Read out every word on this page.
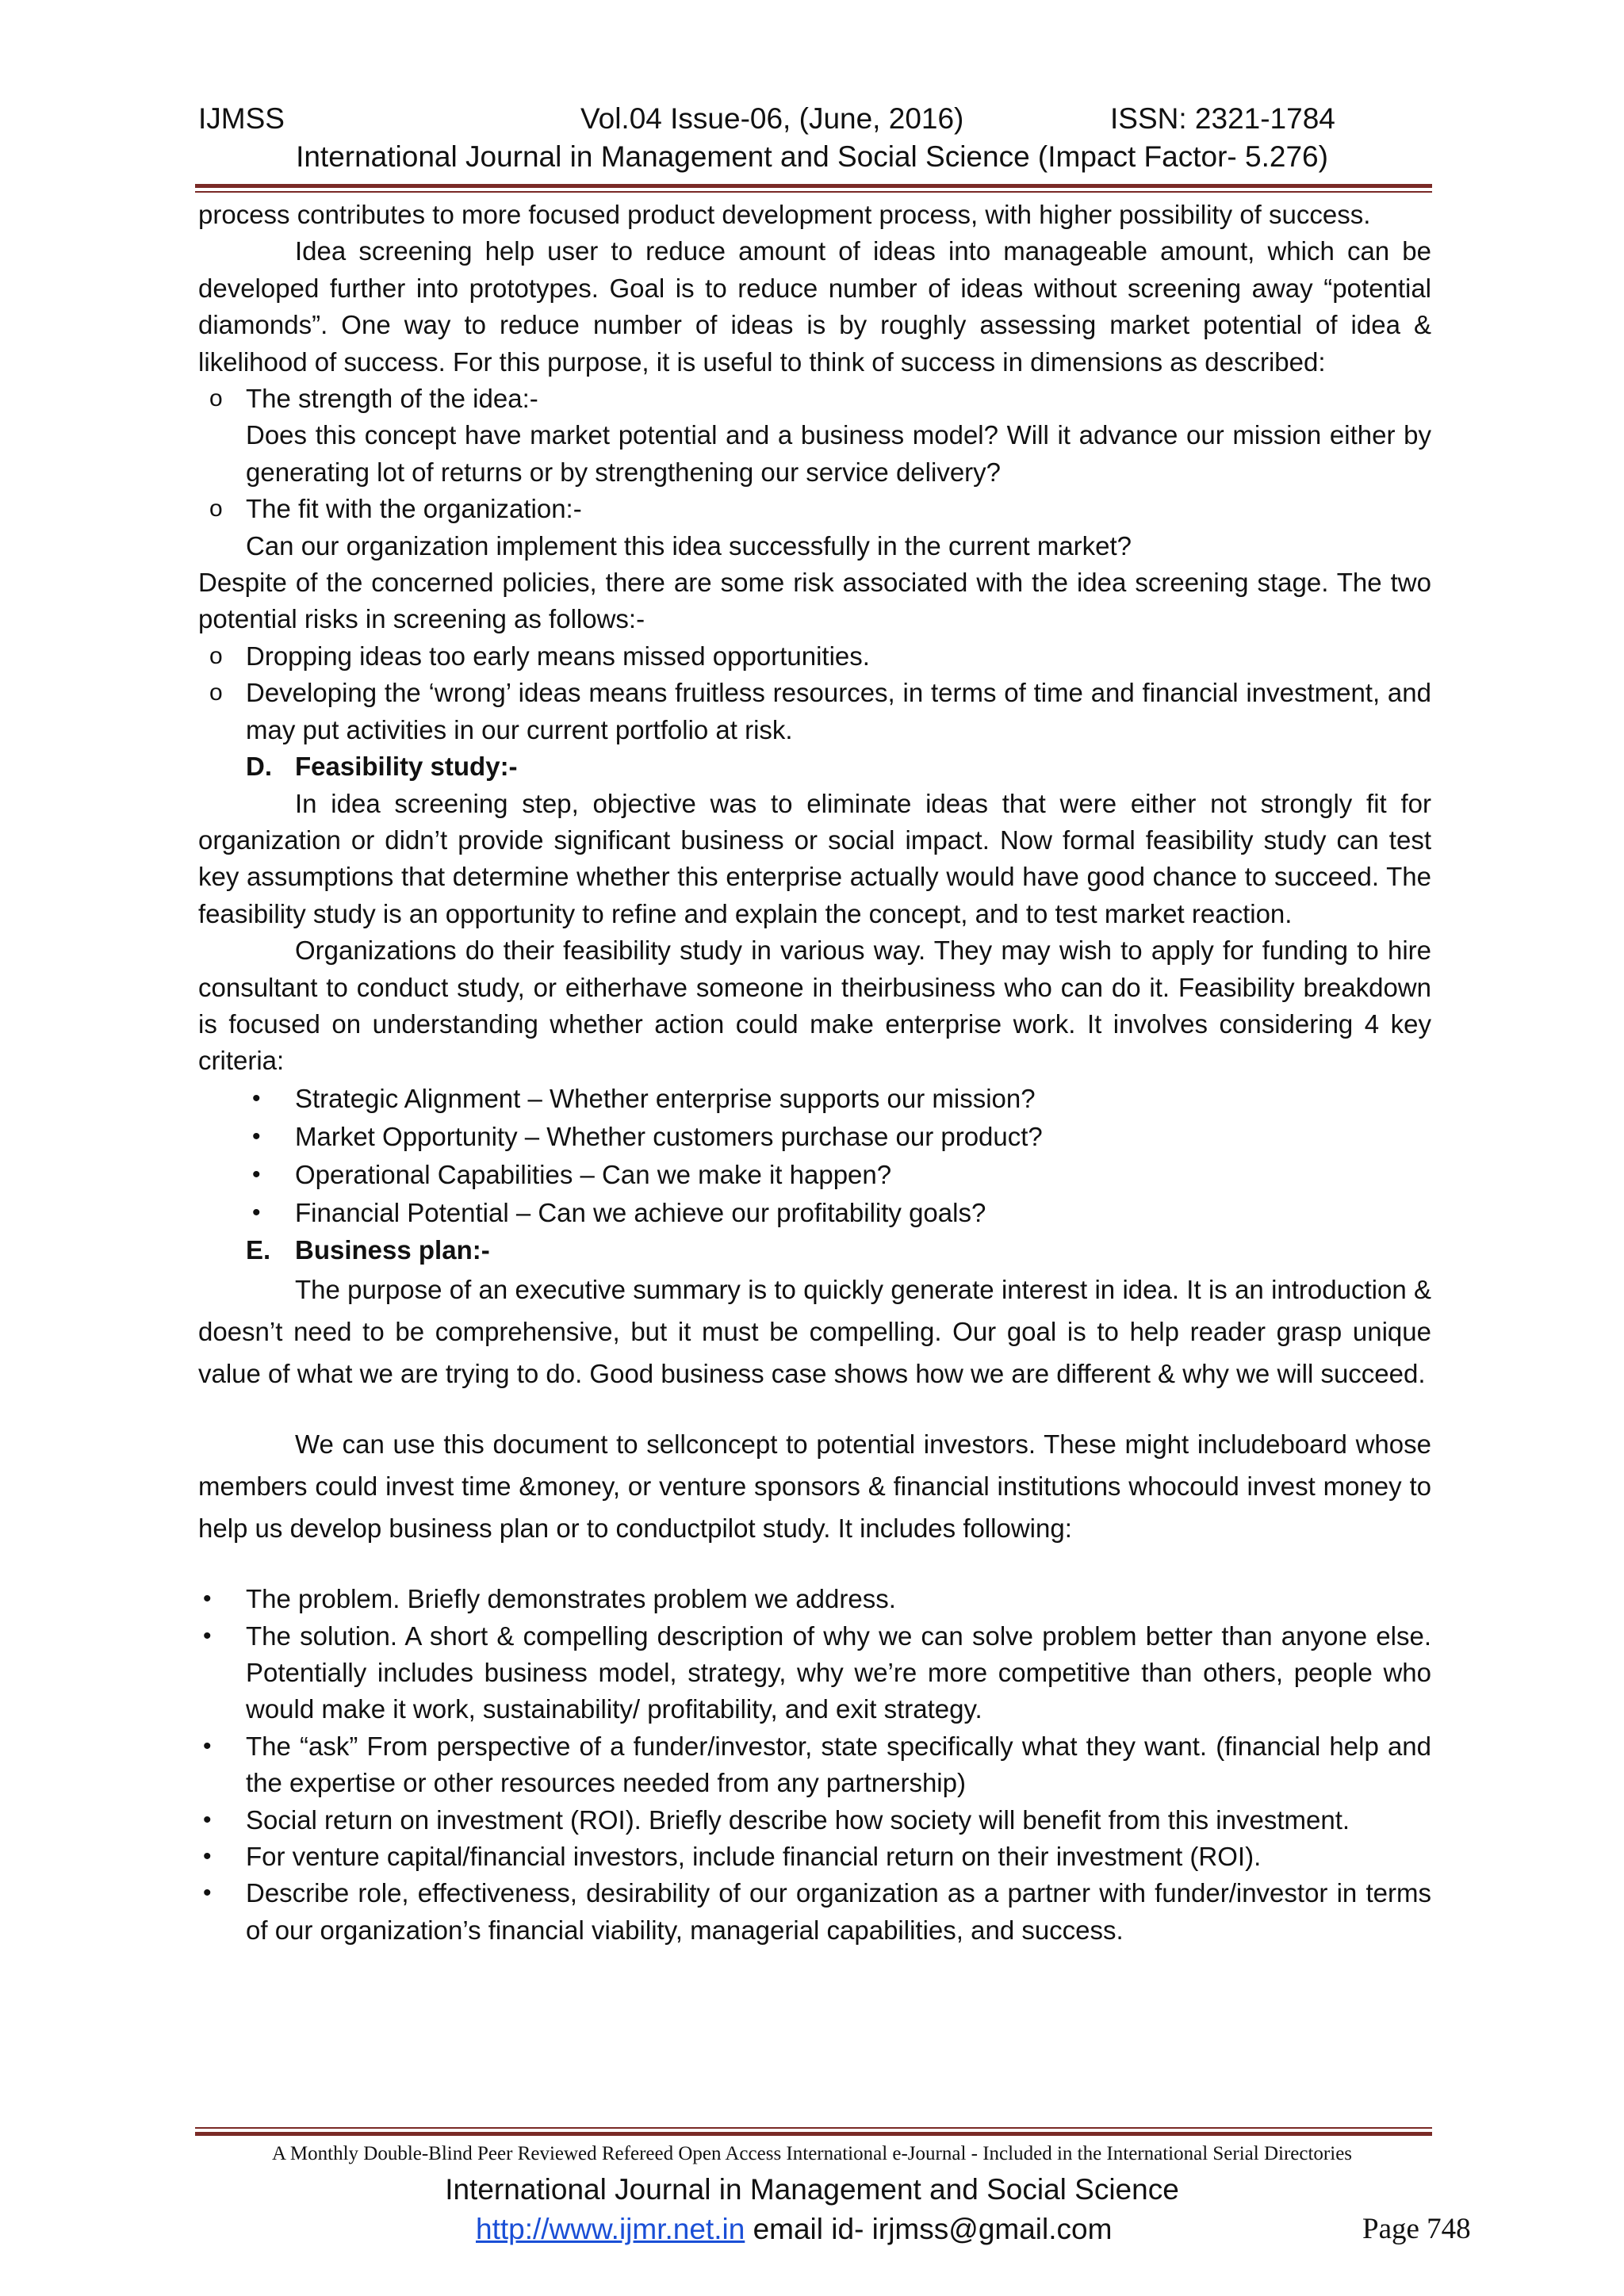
IJMSS	Vol.04 Issue-06, (June, 2016)	ISSN: 2321-1784
International Journal in Management and Social Science (Impact Factor- 5.276)

process contributes to more focused product development process, with higher possibility of success.

Idea screening help user to reduce amount of ideas into manageable amount, which can be developed further into prototypes. Goal is to reduce number of ideas without screening away “potential diamonds”. One way to reduce number of ideas is by roughly assessing market potential of idea & likelihood of success. For this purpose, it is useful to think of success in dimensions as described:

o The strength of the idea:-
Does this concept have market potential and a business model? Will it advance our mission either by generating lot of returns or by strengthening our service delivery?
o The fit with the organization:-
Can our organization implement this idea successfully in the current market?

Despite of the concerned policies, there are some risk associated with the idea screening stage. The two potential risks in screening as follows:-

o Dropping ideas too early means missed opportunities.
o Developing the ‘wrong’ ideas means fruitless resources, in terms of time and financial investment, and may put activities in our current portfolio at risk.
D. Feasibility study:-

In idea screening step, objective was to eliminate ideas that were either not strongly fit for organization or didn’t provide significant business or social impact. Now formal feasibility study can test key assumptions that determine whether this enterprise actually would have good chance to succeed. The feasibility study is an opportunity to refine and explain the concept, and to test market reaction.

Organizations do their feasibility study in various way. They may wish to apply for funding to hire consultant to conduct study, or eitherhave someone in theirbusiness who can do it. Feasibility breakdown is focused on understanding whether action could make enterprise work. It involves considering 4 key criteria:

• Strategic Alignment – Whether enterprise supports our mission?
• Market Opportunity – Whether customers purchase our product?
• Operational Capabilities – Can we make it happen?
• Financial Potential – Can we achieve our profitability goals?
E. Business plan:-

The purpose of an executive summary is to quickly generate interest in idea. It is an introduction & doesn’t need to be comprehensive, but it must be compelling. Our goal is to help reader grasp unique value of what we are trying to do. Good business case shows how we are different & why we will succeed.

We can use this document to sellconcept to potential investors. These might includeboard whose members could invest time &money, or venture sponsors & financial institutions whocould invest money to help us develop business plan or to conductpilot study. It includes following:

• The problem. Briefly demonstrates problem we address.
• The solution. A short & compelling description of why we can solve problem better than anyone else. Potentially includes business model, strategy, why we’re more competitive than others, people who would make it work, sustainability/ profitability, and exit strategy.
• The “ask” From perspective of a funder/investor, state specifically what they want. (financial help and the expertise or other resources needed from any partnership)
• Social return on investment (ROI). Briefly describe how society will benefit from this investment.
• For venture capital/financial investors, include financial return on their investment (ROI).
• Describe role, effectiveness, desirability of our organization as a partner with funder/investor in terms of our organization’s financial viability, managerial capabilities, and success.
A Monthly Double-Blind Peer Reviewed Refereed Open Access International e-Journal - Included in the International Serial Directories
International Journal in Management and Social Science
http://www.ijmr.net.in email id- irjmss@gmail.com	Page 748
